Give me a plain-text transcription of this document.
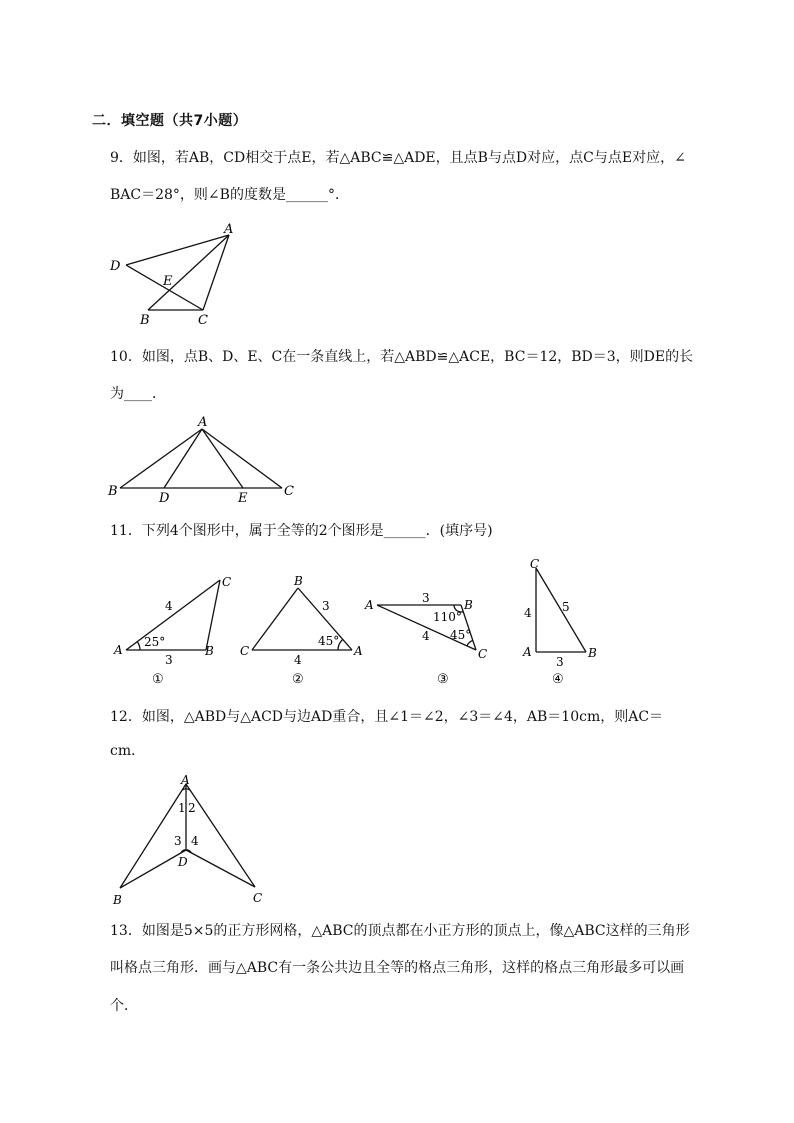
二．填空题（共7小题）
9．如图，若AB，CD相交于点E，若△ABC≌△ADE，且点B与点D对应，点C与点E对应，∠
BAC＝28°，则∠B的度数是______°．
A
D
E
B	C
10．如图，点B、D、E、C在一条直线上，若△ABD≌△ACE，BC＝12，BD＝3，则DE的长
为____．
A
B	D	E	C
11．下列4个图形中，属于全等的2个图形是______．(填序号)
A	B
C
4
3
25°
①
B
C	A
3
4
45°
②
A	B
C
3
4
110°
45°
③
C
A	B
4	5
3
④
12．如图，△ABD与△ACD与边AD重合，且∠1＝∠2，∠3＝∠4，AB＝10cm，则AC＝
cm．
A
1 2
3 4
D
B	C
13．如图是5×5的正方形网格，△ABC的顶点都在小正方形的顶点上，像△ABC这样的三角形
叫格点三角形．画与△ABC有一条公共边且全等的格点三角形，这样的格点三角形最多可以画
个．
